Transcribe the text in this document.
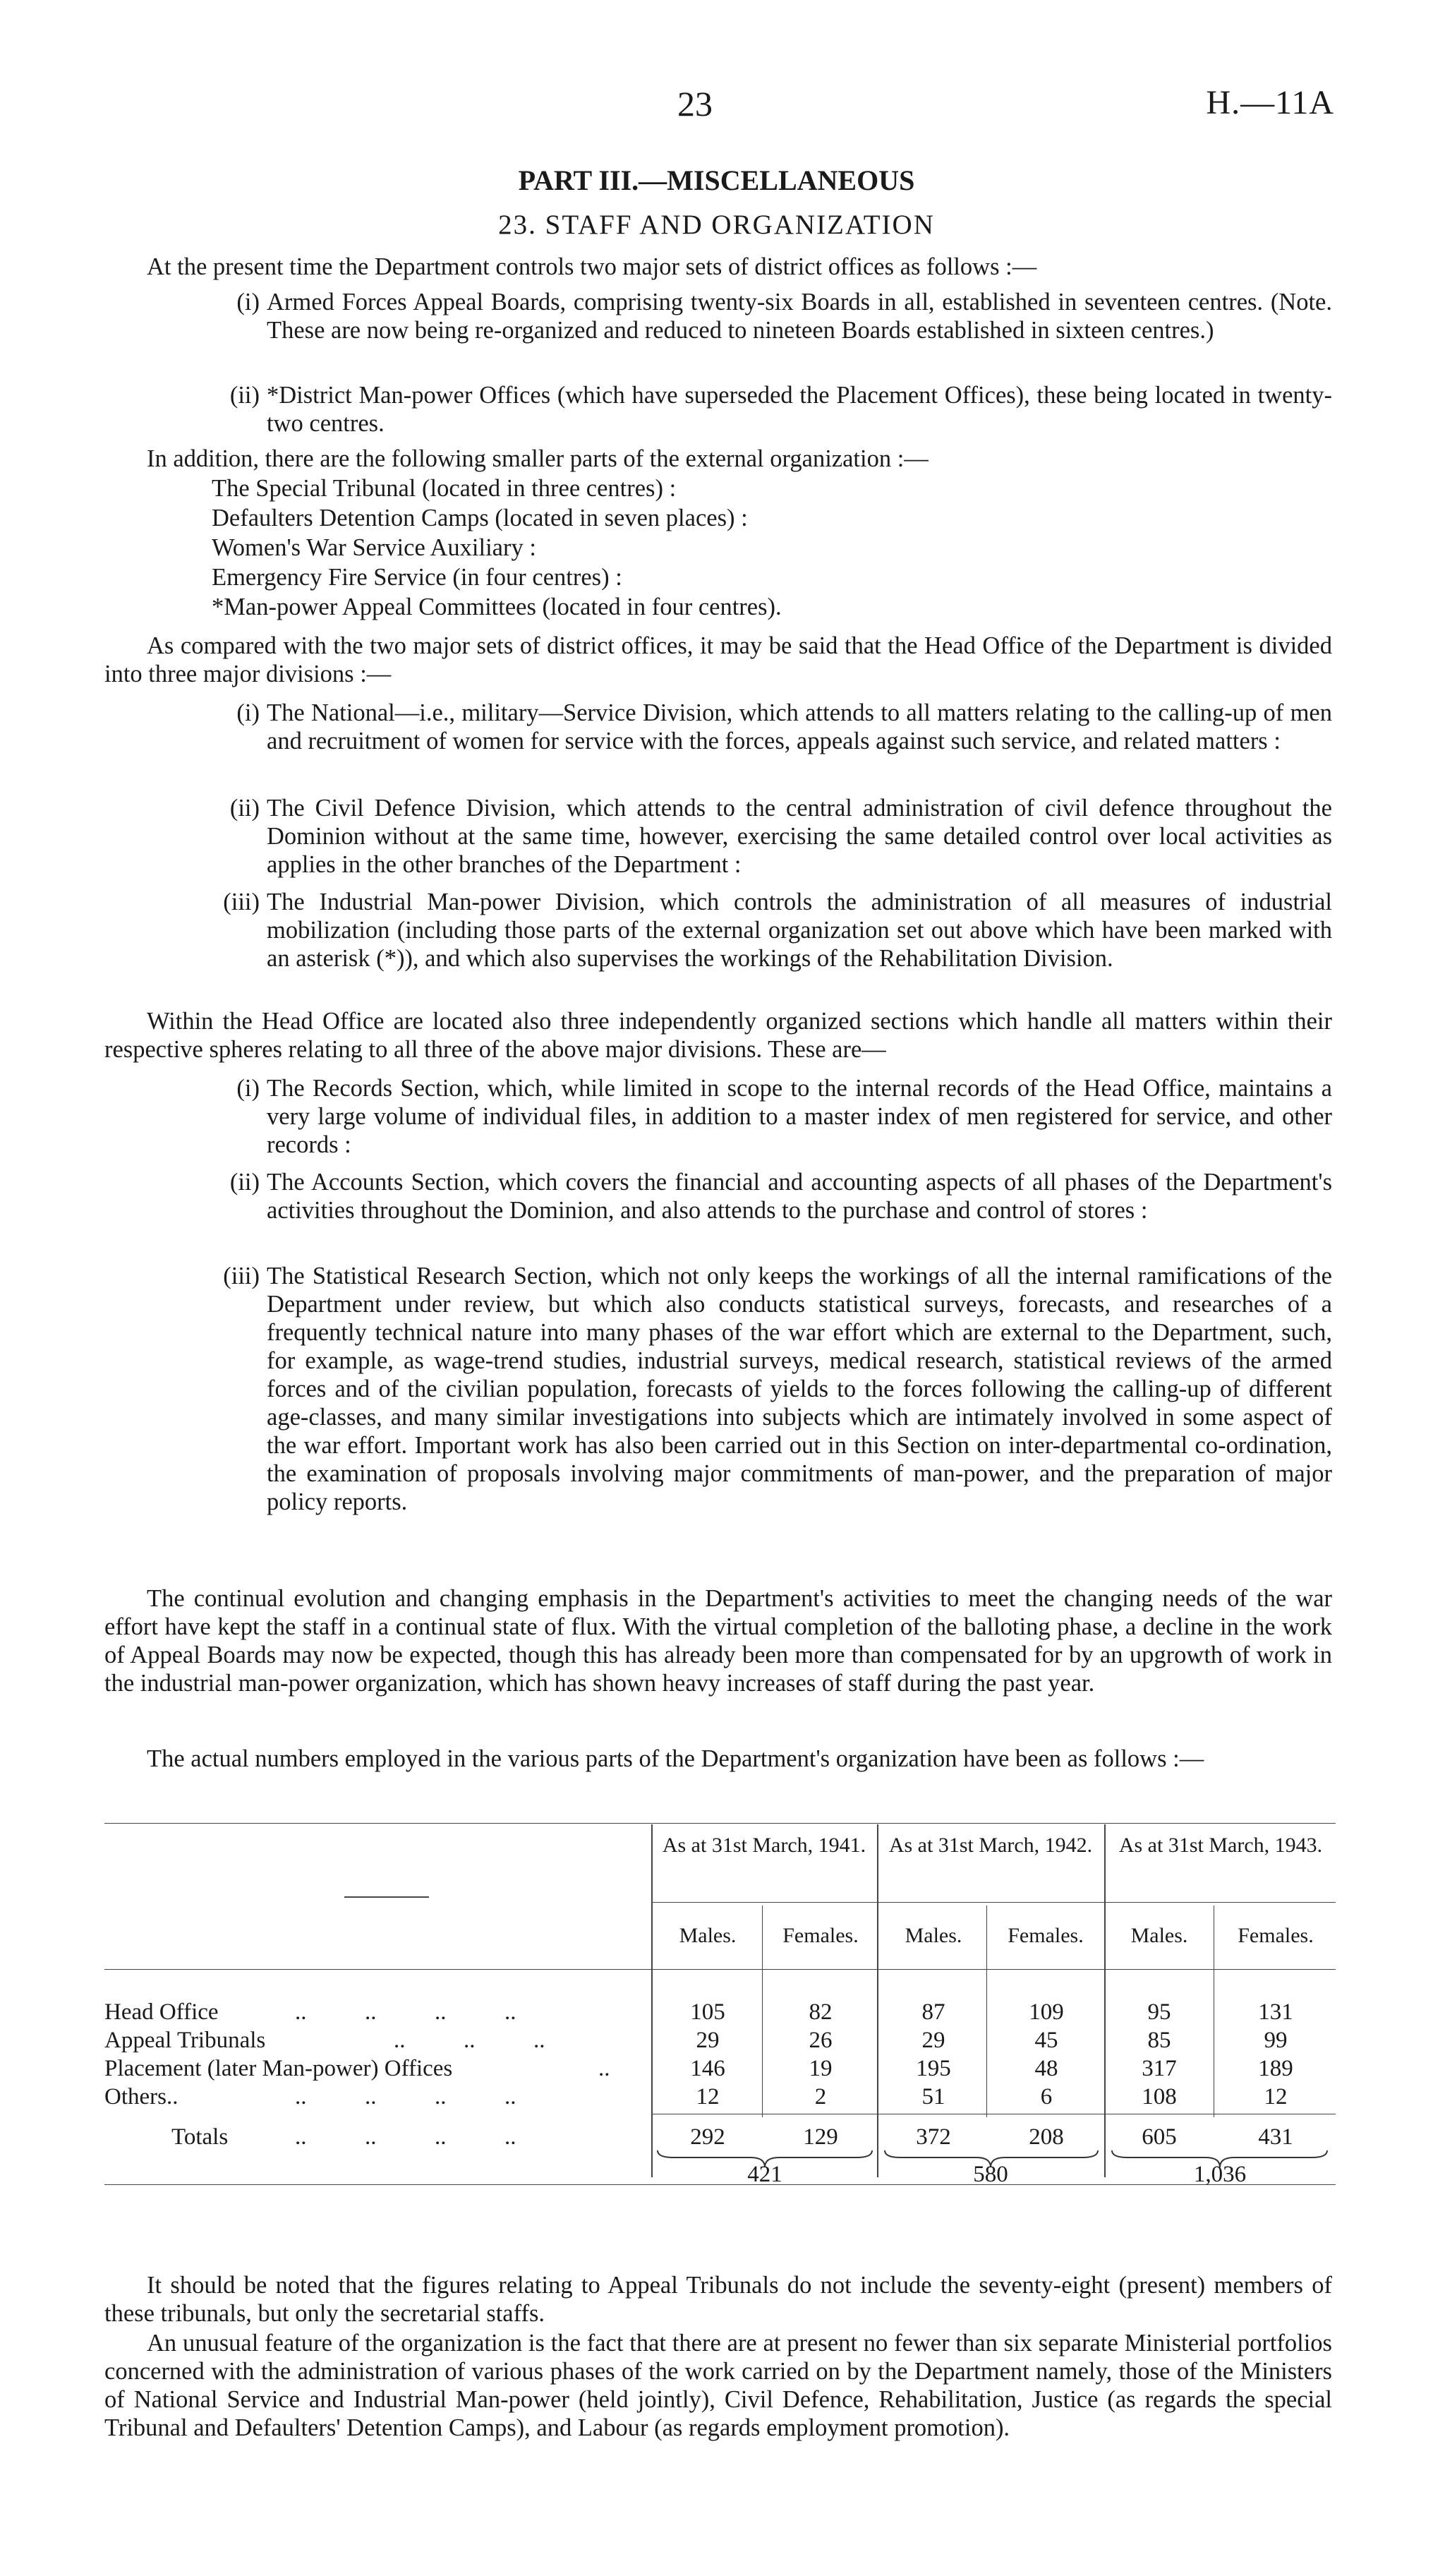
23	H.—11A
PART III.—MISCELLANEOUS
23. STAFF AND ORGANIZATION

At the present time the Department controls two major sets of district offices as follows :—

(i) Armed Forces Appeal Boards, comprising twenty-six Boards in all, established in seventeen centres. (Note. These are now being re-organized and reduced to nineteen Boards established in sixteen centres.)

(ii) *District Man-power Offices (which have superseded the Placement Offices), these being located in twenty-two centres.

In addition, there are the following smaller parts of the external organization :—

The Special Tribunal (located in three centres) :

Defaulters Detention Camps (located in seven places) :

Women's War Service Auxiliary :

Emergency Fire Service (in four centres) :

*Man-power Appeal Committees (located in four centres).

As compared with the two major sets of district offices, it may be said that the Head Office of the Department is divided into three major divisions :—

(i) The National—i.e., military—Service Division, which attends to all matters relating to the calling-up of men and recruitment of women for service with the forces, appeals against such service, and related matters :

(ii) The Civil Defence Division, which attends to the central administration of civil defence throughout the Dominion without at the same time, however, exercising the same detailed control over local activities as applies in the other branches of the Department :

(iii) The Industrial Man-power Division, which controls the administration of all measures of industrial mobilization (including those parts of the external organization set out above which have been marked with an asterisk (*)), and which also supervises the workings of the Rehabilitation Division.

Within the Head Office are located also three independently organized sections which handle all matters within their respective spheres relating to all three of the above major divisions. These are—

(i) The Records Section, which, while limited in scope to the internal records of the Head Office, maintains a very large volume of individual files, in addition to a master index of men registered for service, and other records :

(ii) The Accounts Section, which covers the financial and accounting aspects of all phases of the Department's activities throughout the Dominion, and also attends to the purchase and control of stores :

(iii) The Statistical Research Section, which not only keeps the workings of all the internal ramifications of the Department under review, but which also conducts statistical surveys, forecasts, and researches of a frequently technical nature into many phases of the war effort which are external to the Department, such, for example, as wage-trend studies, industrial surveys, medical research, statistical reviews of the armed forces and of the civilian population, forecasts of yields to the forces following the calling-up of different age-classes, and many similar investigations into subjects which are intimately involved in some aspect of the war effort. Important work has also been carried out in this Section on inter-departmental co-ordination, the examination of proposals involving major commitments of man-power, and the preparation of major policy reports.

The continual evolution and changing emphasis in the Department's activities to meet the changing needs of the war effort have kept the staff in a continual state of flux. With the virtual completion of the balloting phase, a decline in the work of Appeal Boards may now be expected, though this has already been more than compensated for by an upgrowth of work in the industrial man-power organization, which has shown heavy increases of staff during the past year.

The actual numbers employed in the various parts of the Department's organization have been as follows :—

As at 31st March, 1941. As at 31st March, 1942. As at 31st March, 1943.
Males.	Females.	Males.	Females.	Males.	Females.
Head Office	..          ..          ..          ..	105	82	87	109	95	131
Appeal Tribunals	..          ..          ..	29	26	29	45	85	99
Placement (later Man-power) Offices	..	146	19	195	48	317	189
Others..	..          ..          ..          ..	12	2	51	6	108	12
Totals	..          ..          ..          ..	292	129	372	208	605	431
421	580	1,036

It should be noted that the figures relating to Appeal Tribunals do not include the seventy-eight (present) members of these tribunals, but only the secretarial staffs.

An unusual feature of the organization is the fact that there are at present no fewer than six separate Ministerial portfolios concerned with the administration of various phases of the work carried on by the Department namely, those of the Ministers of National Service and Industrial Man-power (held jointly), Civil Defence, Rehabilitation, Justice (as regards the special Tribunal and Defaulters' Detention Camps), and Labour (as regards employment promotion).
